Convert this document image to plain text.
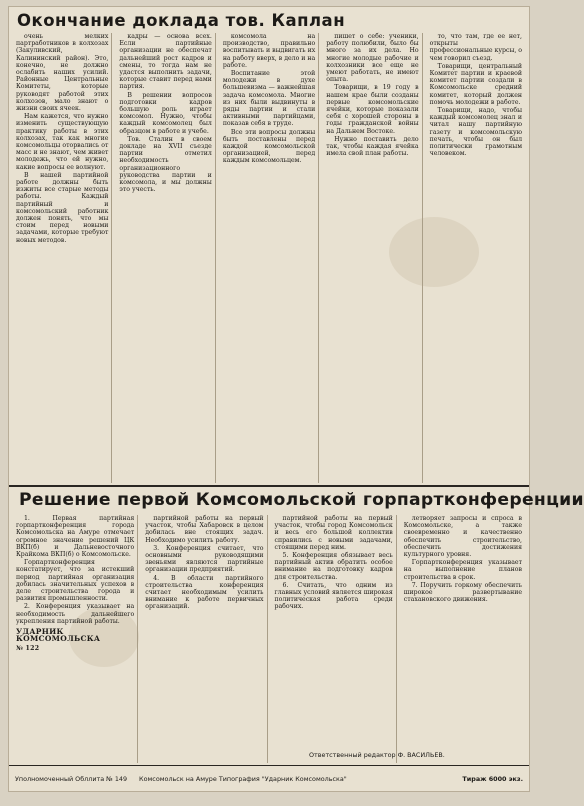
Окончание доклада тов. Каплан

очень мелких партработников в колхозах (Закуливский, Калининский район). Это, конечно, не должно ослабить наших усилий. Районные Центральные Комитеты, которые руководят работой этих колхозов, мало знают о жизни своих ячеек.

Нам кажется, что нужно изменить существующую практику работы в этих колхозах, так как многие комсомольцы оторвались от масс и не знают, чем живет молодежь, что ей нужно, какие вопросы ее волнуют.

В нашей партийной работе должны быть изжиты все старые методы работы. Каждый партийный и комсомольский работник должен понять, что мы стоим перед новыми задачами, которые требуют новых методов.

кадры — основа всех. Если партийные организации не обеспечат дальнейший рост кадров и смены, то тогда нам не удастся выполнить задачи, которые ставит перед нами партия.

В решении вопросов подготовки кадров большую роль играет комсомол. Нужно, чтобы каждый комсомолец был образцом в работе и учебе.

Тов. Сталин в своем докладе на XVII съезде партии отметил необходимость организационного руководства партии и комсомола, и мы должны это учесть.

комсомола на производство, правильно воспитывать и выдвигать их на работу вверх, в дело и на работе.

Воспитание этой молодежи в духе большевизма — важнейшая задача комсомола. Многие из них были выдвинуты в ряды партии и стали активными партийцами, показав себя в труде.

Все эти вопросы должны быть поставлены перед каждой комсомольской организацией, перед каждым комсомольцем.

пишет о себе: ученики, работу полюбили, было бы много за их дела. Но многие молодые рабочие и колхозники все еще не умеют работать, не имеют опыта.

Товарищи, в 19 году в нашем крае были созданы первые комсомольские ячейки, которые показали себя с хорошей стороны в годы гражданской войны на Дальнем Востоке.

Нужно поставить дело так, чтобы каждая ячейка имела свой план работы.

то, что там, где ее нет, открыты профессиональные курсы, о чем говорил съезд.

Товарищи, центральный Комитет партии и краевой комитет партии создали в Комсомольске средний комитет, который должен помочь молодежи в работе.

Товарищи, надо, чтобы каждый комсомолец знал и читал нашу партийную газету и комсомольскую печать, чтобы он был политически грамотным человеком.

Решение первой Комсомольской горпартконференции

1. Первая партийная горпартконференция города Комсомольска на Амуре отмечает огромное значение решений ЦК ВКП(б) и Дальневосточного Крайкома ВКП(б) о Комсомольске.

Горпартконференция констатирует, что за истекший период партийная организация добилась значительных успехов в деле строительства города и развития промышленности.

2. Конференция указывает на необходимость дальнейшего укрепления партийной работы.

УДАРНИК КОМСОМОЛЬСКА
№ 122

партийной работы на первый участок, чтобы Хабаровск в целом добилась вне стоящих задач. Необходимо усилить работу.

3. Конференция считает, что основными руководящими звеньями являются партийные организации предприятий.

4. В области партийного строительства конференция считает необходимым усилить внимание к работе первичных организаций.

партийной работы на первый участок, чтобы город Комсомольск и весь его большой коллектив справились с новыми задачами, стоящими перед ним.

5. Конференция обязывает весь партийный актив обратить особое внимание на подготовку кадров для строительства.

6. Считать, что одним из главных условий является широкая политическая работа среди рабочих.

летворяет запросы и спроса в Комсомольске, а также своевременно и качественно обеспечить строительство, обеспечить достижения культурного уровня.

Горпартконференция указывает на выполнение планов строительства в срок.

7. Поручить горкому обеспечить широкое развертывание стахановского движения.

Ответственный редактор Ф. ВАСИЛЬЕВ.
Уполномоченный Обллита № 149 Комсомольск на Амуре Типография "Ударник Комсомольска"	Тираж 6000 экз.
